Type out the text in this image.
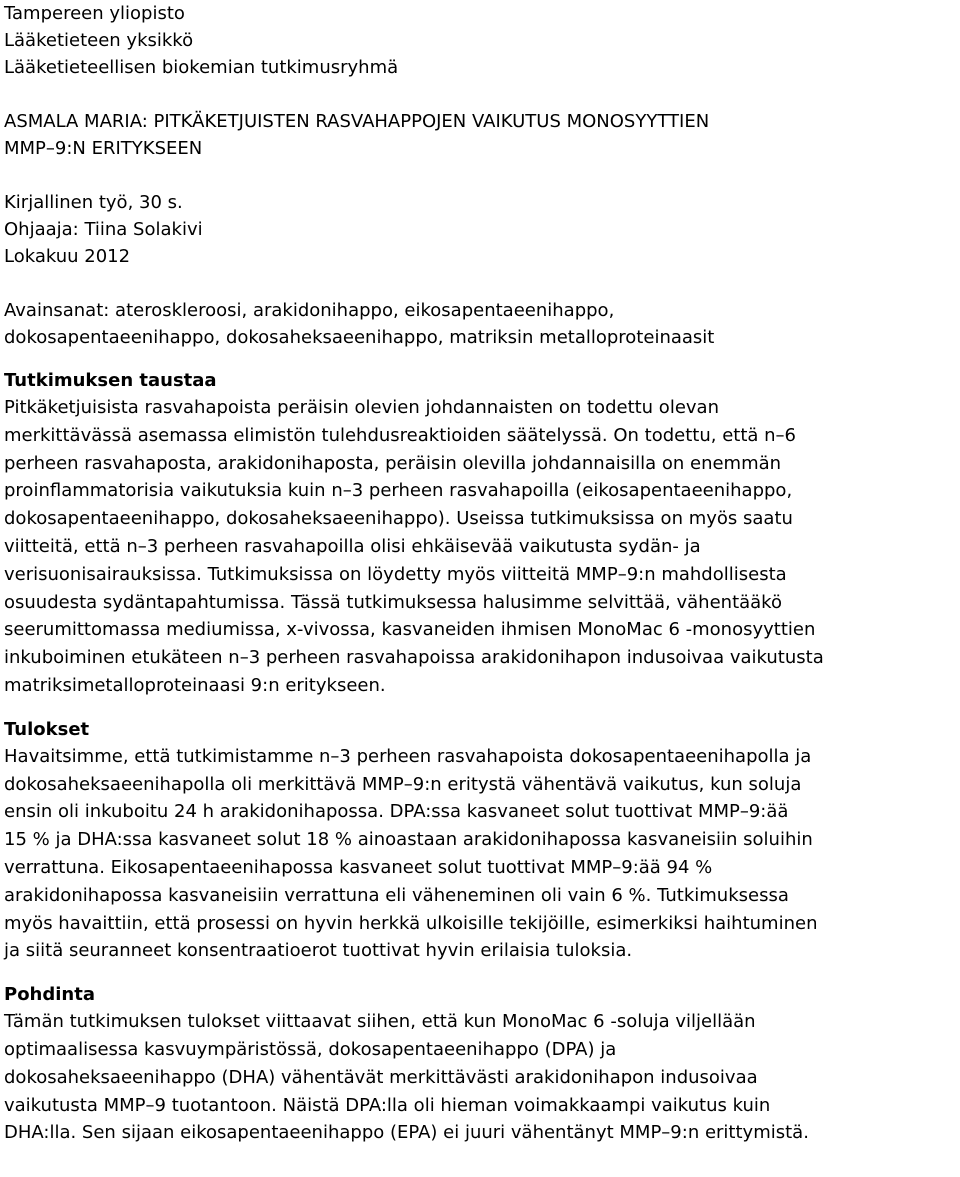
Tampereen yliopisto
Lääketieteen yksikkö
Lääketieteellisen biokemian tutkimusryhmä
ASMALA MARIA: PITKÄKETJUISTEN RASVAHAPPOJEN VAIKUTUS MONOSYYTTIEN
MMP–9:N ERITYKSEEN
Kirjallinen työ, 30 s.
Ohjaaja: Tiina Solakivi
Lokakuu 2012
Avainsanat: ateroskleroosi, arakidonihappo, eikosapentaeenihappo,
dokosapentaeenihappo, dokosaheksaeenihappo, matriksin metalloproteinaasit
Tutkimuksen taustaa
Pitkäketjuisista rasvahapoista peräisin olevien johdannaisten on todettu olevan
merkittävässä asemassa elimistön tulehdusreaktioiden säätelyssä. On todettu, että n–6
perheen rasvahaposta, arakidonihaposta, peräisin olevilla johdannaisilla on enemmän
proinflammatorisia vaikutuksia kuin n–3 perheen rasvahapoilla (eikosapentaeenihappo,
dokosapentaeenihappo, dokosaheksaeenihappo). Useissa tutkimuksissa on myös saatu
viitteitä, että n–3 perheen rasvahapoilla olisi ehkäisevää vaikutusta sydän- ja
verisuonisairauksissa. Tutkimuksissa on löydetty myös viitteitä MMP–9:n mahdollisesta
osuudesta sydäntapahtumissa. Tässä tutkimuksessa halusimme selvittää, vähentääkö
seerumittomassa mediumissa, x-vivossa, kasvaneiden ihmisen MonoMac 6 -monosyyttien
inkuboiminen etukäteen n–3 perheen rasvahapoissa arakidonihapon indusoivaa vaikutusta
matriksimetalloproteinaasi 9:n eritykseen.
Tulokset
Havaitsimme, että tutkimistamme n–3 perheen rasvahapoista dokosapentaeenihapolla ja
dokosaheksaeenihapolla oli merkittävä MMP–9:n eritystä vähentävä vaikutus, kun soluja
ensin oli inkuboitu 24 h arakidonihapossa. DPA:ssa kasvaneet solut tuottivat MMP–9:ää
15 % ja DHA:ssa kasvaneet solut 18 % ainoastaan arakidonihapossa kasvaneisiin soluihin
verrattuna. Eikosapentaeenihapossa kasvaneet solut tuottivat MMP–9:ää 94 %
arakidonihapossa kasvaneisiin verrattuna eli väheneminen oli vain 6 %. Tutkimuksessa
myös havaittiin, että prosessi on hyvin herkkä ulkoisille tekijöille, esimerkiksi haihtuminen
ja siitä seuranneet konsentraatioerot tuottivat hyvin erilaisia tuloksia.
Pohdinta
Tämän tutkimuksen tulokset viittaavat siihen, että kun MonoMac 6 -soluja viljellään
optimaalisessa kasvuympäristössä, dokosapentaeenihappo (DPA) ja
dokosaheksaeenihappo (DHA) vähentävät merkittävästi arakidonihapon indusoivaa
vaikutusta MMP–9 tuotantoon. Näistä DPA:lla oli hieman voimakkaampi vaikutus kuin
DHA:lla. Sen sijaan eikosapentaeenihappo (EPA) ei juuri vähentänyt MMP–9:n erittymistä.
